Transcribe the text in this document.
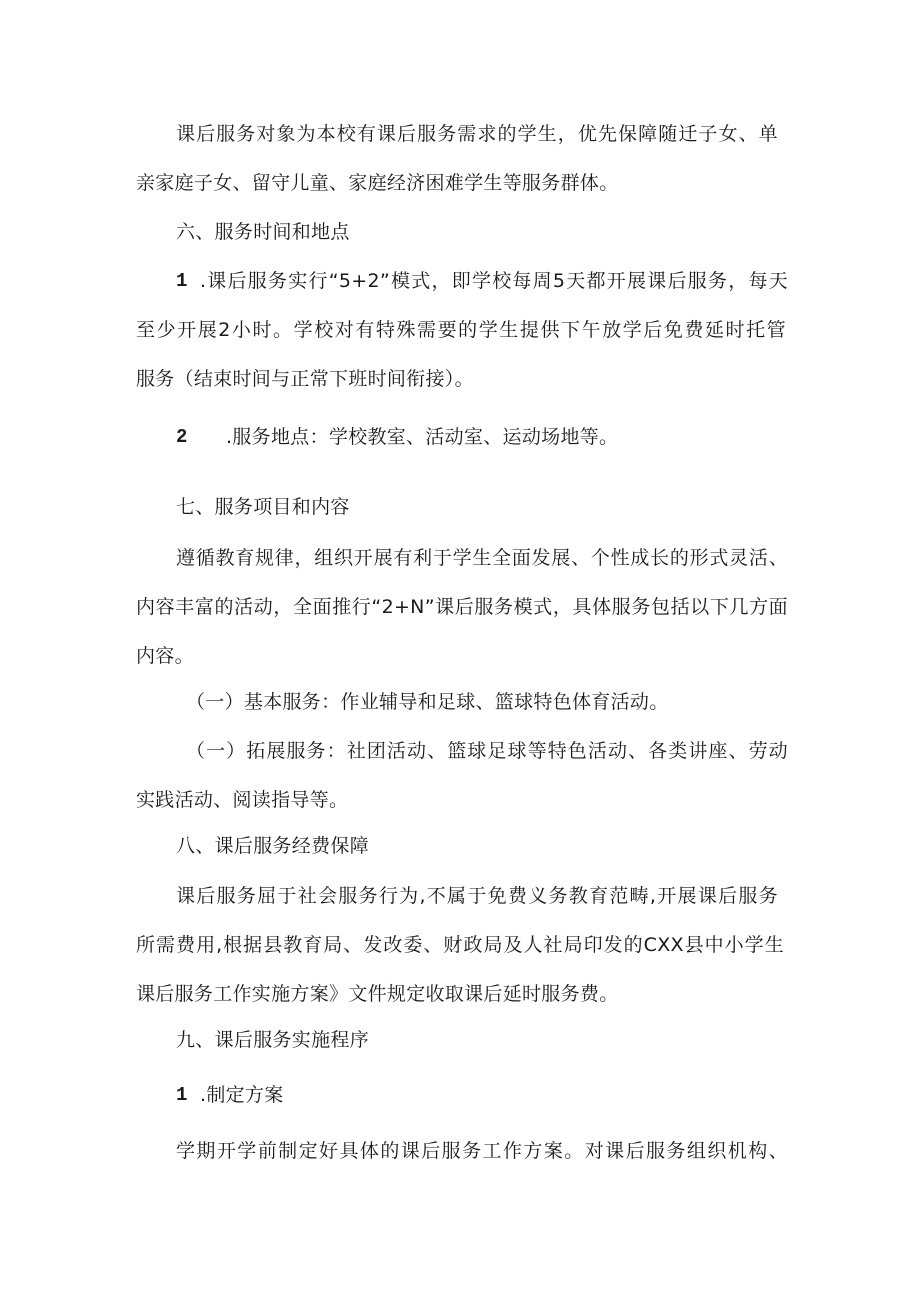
课后服务对象为本校有课后服务需求的学生，优先保障随迁子女、单
亲家庭子女、留守儿童、家庭经济困难学生等服务群体。
六、服务时间和地点
1 .课后服务实行“5+2”模式，即学校每周5天都开展课后服务，每天
至少开展2小时。学校对有特殊需要的学生提供下午放学后免费延时托管
服务（结束时间与正常下班时间衔接）。
2 .服务地点：学校教室、活动室、运动场地等。
七、服务项目和内容
遵循教育规律，组织开展有利于学生全面发展、个性成长的形式灵活、
内容丰富的活动，全面推行“2+N”课后服务模式，具体服务包括以下几方面
内容。
（一）基本服务：作业辅导和足球、篮球特色体育活动。
（一）拓展服务：社团活动、篮球足球等特色活动、各类讲座、劳动
实践活动、阅读指导等。
八、课后服务经费保障
课后服务屈于社会服务行为,不属于免费义务教育范畴,开展课后服务
所需费用,根据县教育局、发改委、财政局及人社局印发的CXX县中小学生
课后服务工作实施方案》文件规定收取课后延时服务费。
九、课后服务实施程序
1 .制定方案
学期开学前制定好具体的课后服务工作方案。对课后服务组织机构、
